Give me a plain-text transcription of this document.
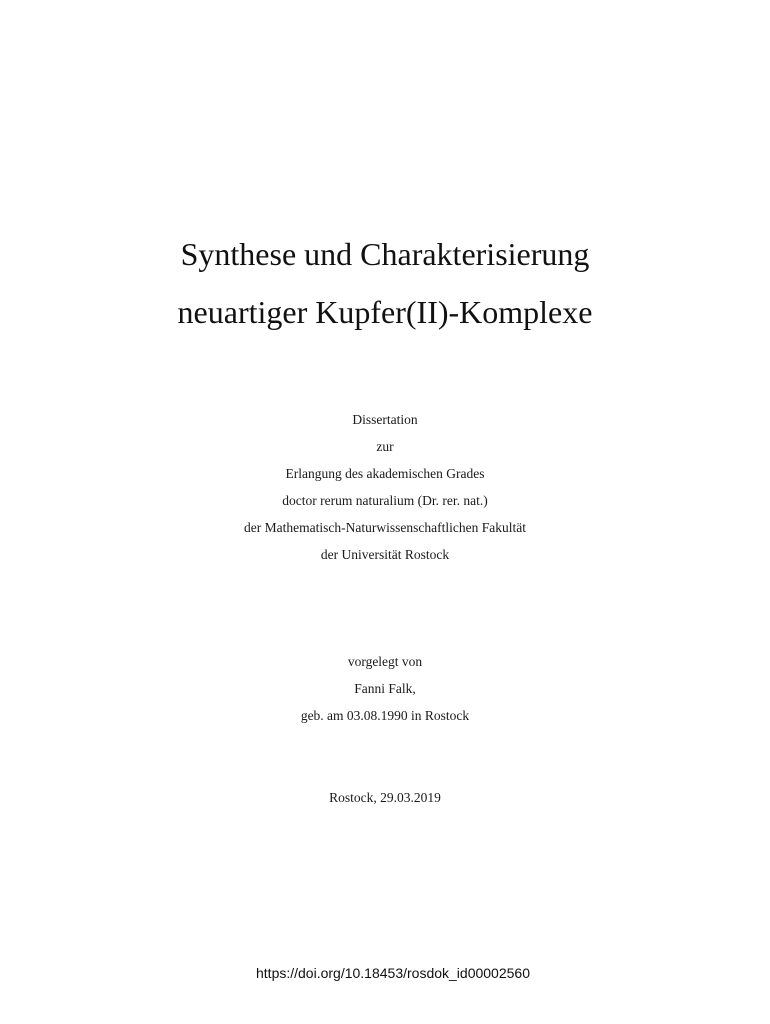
Synthese und Charakterisierung
neuartiger Kupfer(II)-Komplexe
Dissertation
zur
Erlangung des akademischen Grades
doctor rerum naturalium (Dr. rer. nat.)
der Mathematisch-Naturwissenschaftlichen Fakultät
der Universität Rostock
vorgelegt von
Fanni Falk,
geb. am 03.08.1990 in Rostock
Rostock, 29.03.2019
https://doi.org/10.18453/rosdok_id00002560
